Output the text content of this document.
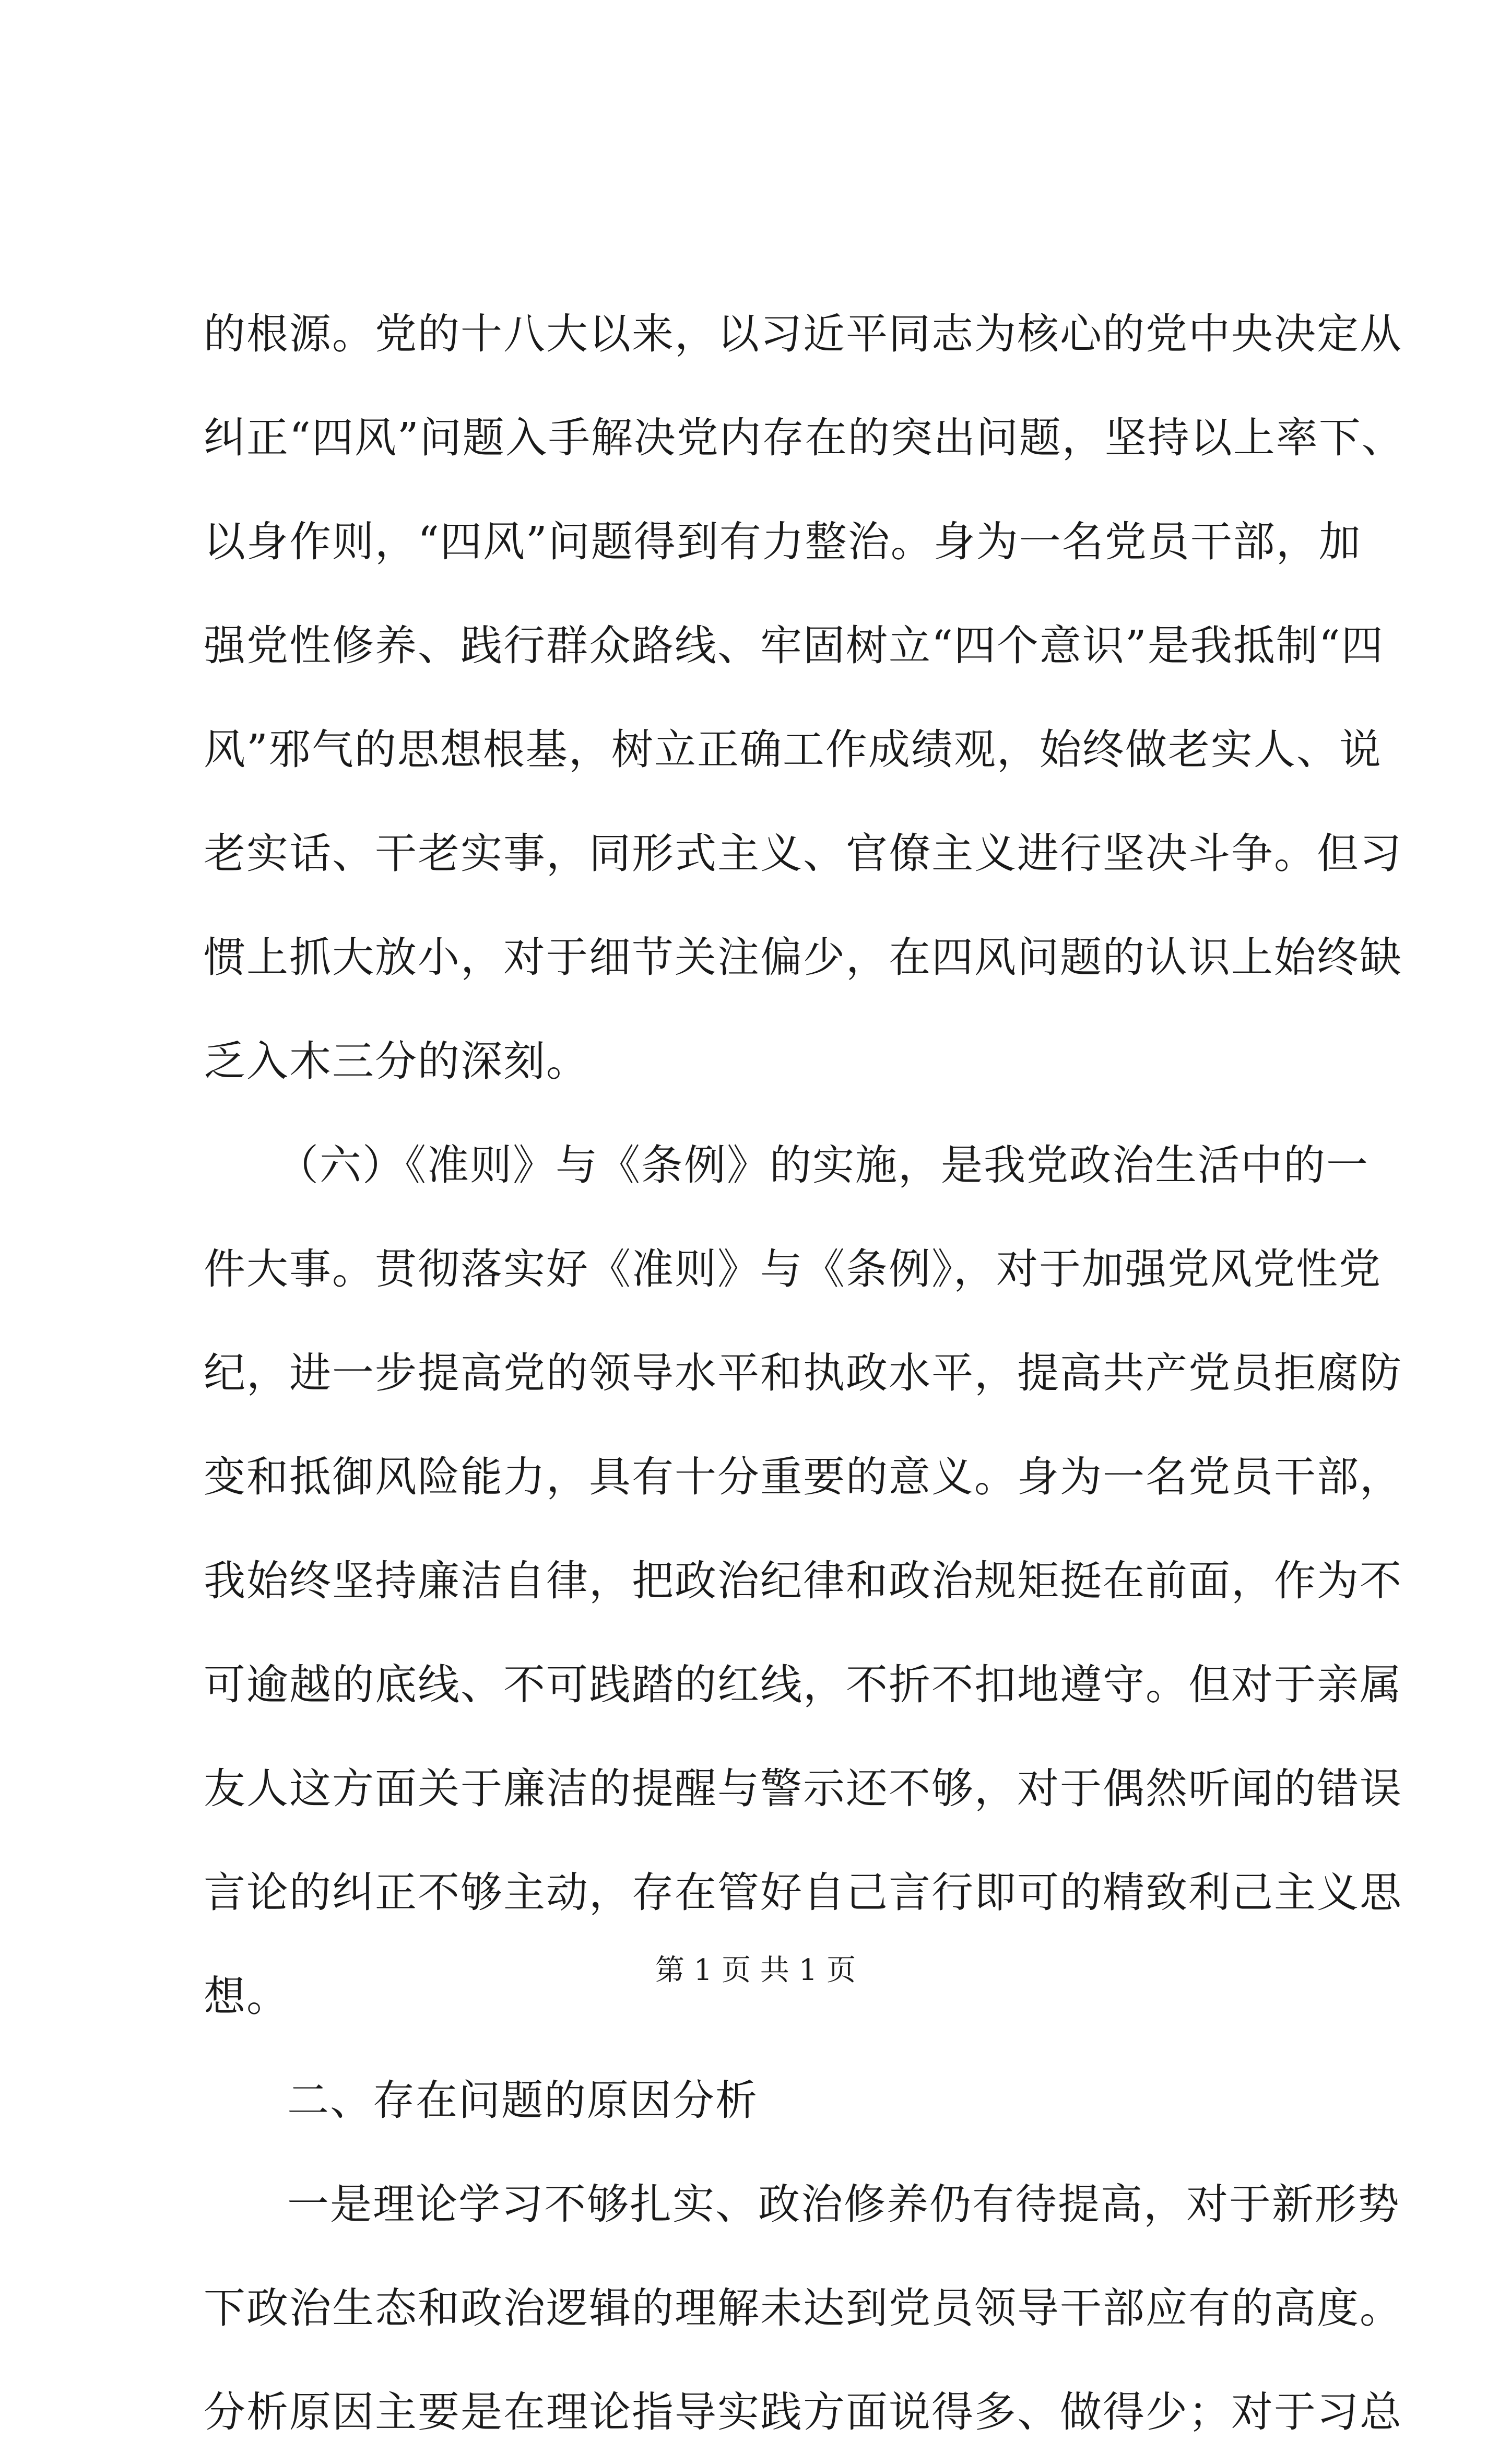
的根源。党的十八大以来，以习近平同志为核心的党中央决定从
纠正“四风”问题入手解决党内存在的突出问题，坚持以上率下、
以身作则，“四风”问题得到有力整治。身为一名党员干部，加
强党性修养、践行群众路线、牢固树立“四个意识”是我抵制“四
风”邪气的思想根基，树立正确工作成绩观，始终做老实人、说
老实话、干老实事，同形式主义、官僚主义进行坚决斗争。但习
惯上抓大放小，对于细节关注偏少，在四风问题的认识上始终缺
乏入木三分的深刻。
（六）《准则》与《条例》的实施，是我党政治生活中的一
件大事。贯彻落实好《准则》与《条例》，对于加强党风党性党
纪，进一步提高党的领导水平和执政水平，提高共产党员拒腐防
变和抵御风险能力，具有十分重要的意义。身为一名党员干部，
我始终坚持廉洁自律，把政治纪律和政治规矩挺在前面，作为不
可逾越的底线、不可践踏的红线，不折不扣地遵守。但对于亲属
友人这方面关于廉洁的提醒与警示还不够，对于偶然听闻的错误
言论的纠正不够主动，存在管好自己言行即可的精致利己主义思
想。
二、存在问题的原因分析
一是理论学习不够扎实、政治修养仍有待提高，对于新形势
下政治生态和政治逻辑的理解未达到党员领导干部应有的高度。
分析原因主要是在理论指导实践方面说得多、做得少；对于习总
第 1 页 共 1 页
